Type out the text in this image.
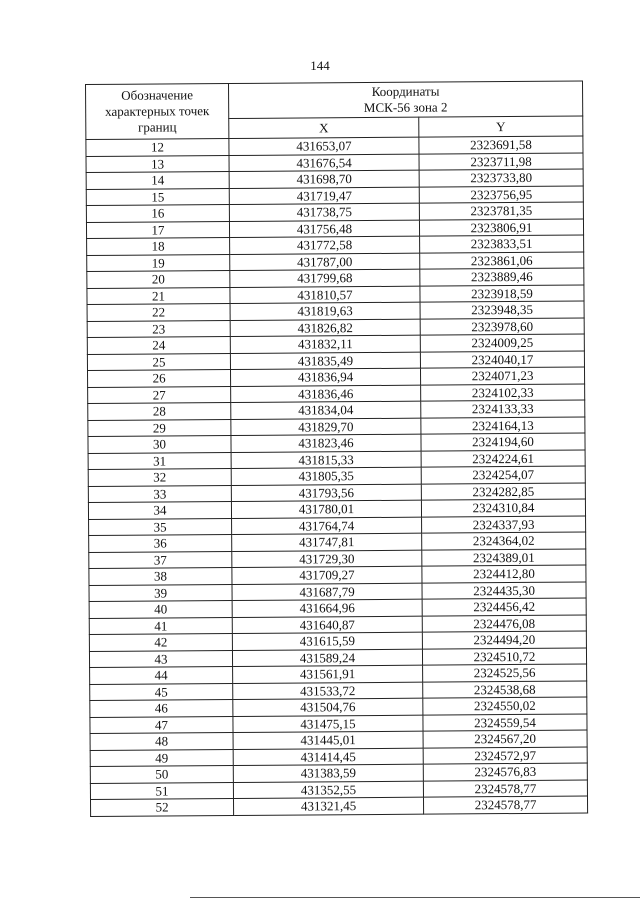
144
Обозначение
характерных точек
границ	Координаты
МСК-56 зона 2	

	X	Y
12	431653,07	2323691,58
13	431676,54	2323711,98
14	431698,70	2323733,80
15	431719,47	2323756,95
16	431738,75	2323781,35
17	431756,48	2323806,91
18	431772,58	2323833,51
19	431787,00	2323861,06
20	431799,68	2323889,46
21	431810,57	2323918,59
22	431819,63	2323948,35
23	431826,82	2323978,60
24	431832,11	2324009,25
25	431835,49	2324040,17
26	431836,94	2324071,23
27	431836,46	2324102,33
28	431834,04	2324133,33
29	431829,70	2324164,13
30	431823,46	2324194,60
31	431815,33	2324224,61
32	431805,35	2324254,07
33	431793,56	2324282,85
34	431780,01	2324310,84
35	431764,74	2324337,93
36	431747,81	2324364,02
37	431729,30	2324389,01
38	431709,27	2324412,80
39	431687,79	2324435,30
40	431664,96	2324456,42
41	431640,87	2324476,08
42	431615,59	2324494,20
43	431589,24	2324510,72
44	431561,91	2324525,56
45	431533,72	2324538,68
46	431504,76	2324550,02
47	431475,15	2324559,54
48	431445,01	2324567,20
49	431414,45	2324572,97
50	431383,59	2324576,83
51	431352,55	2324578,77
52	431321,45	2324578,77
